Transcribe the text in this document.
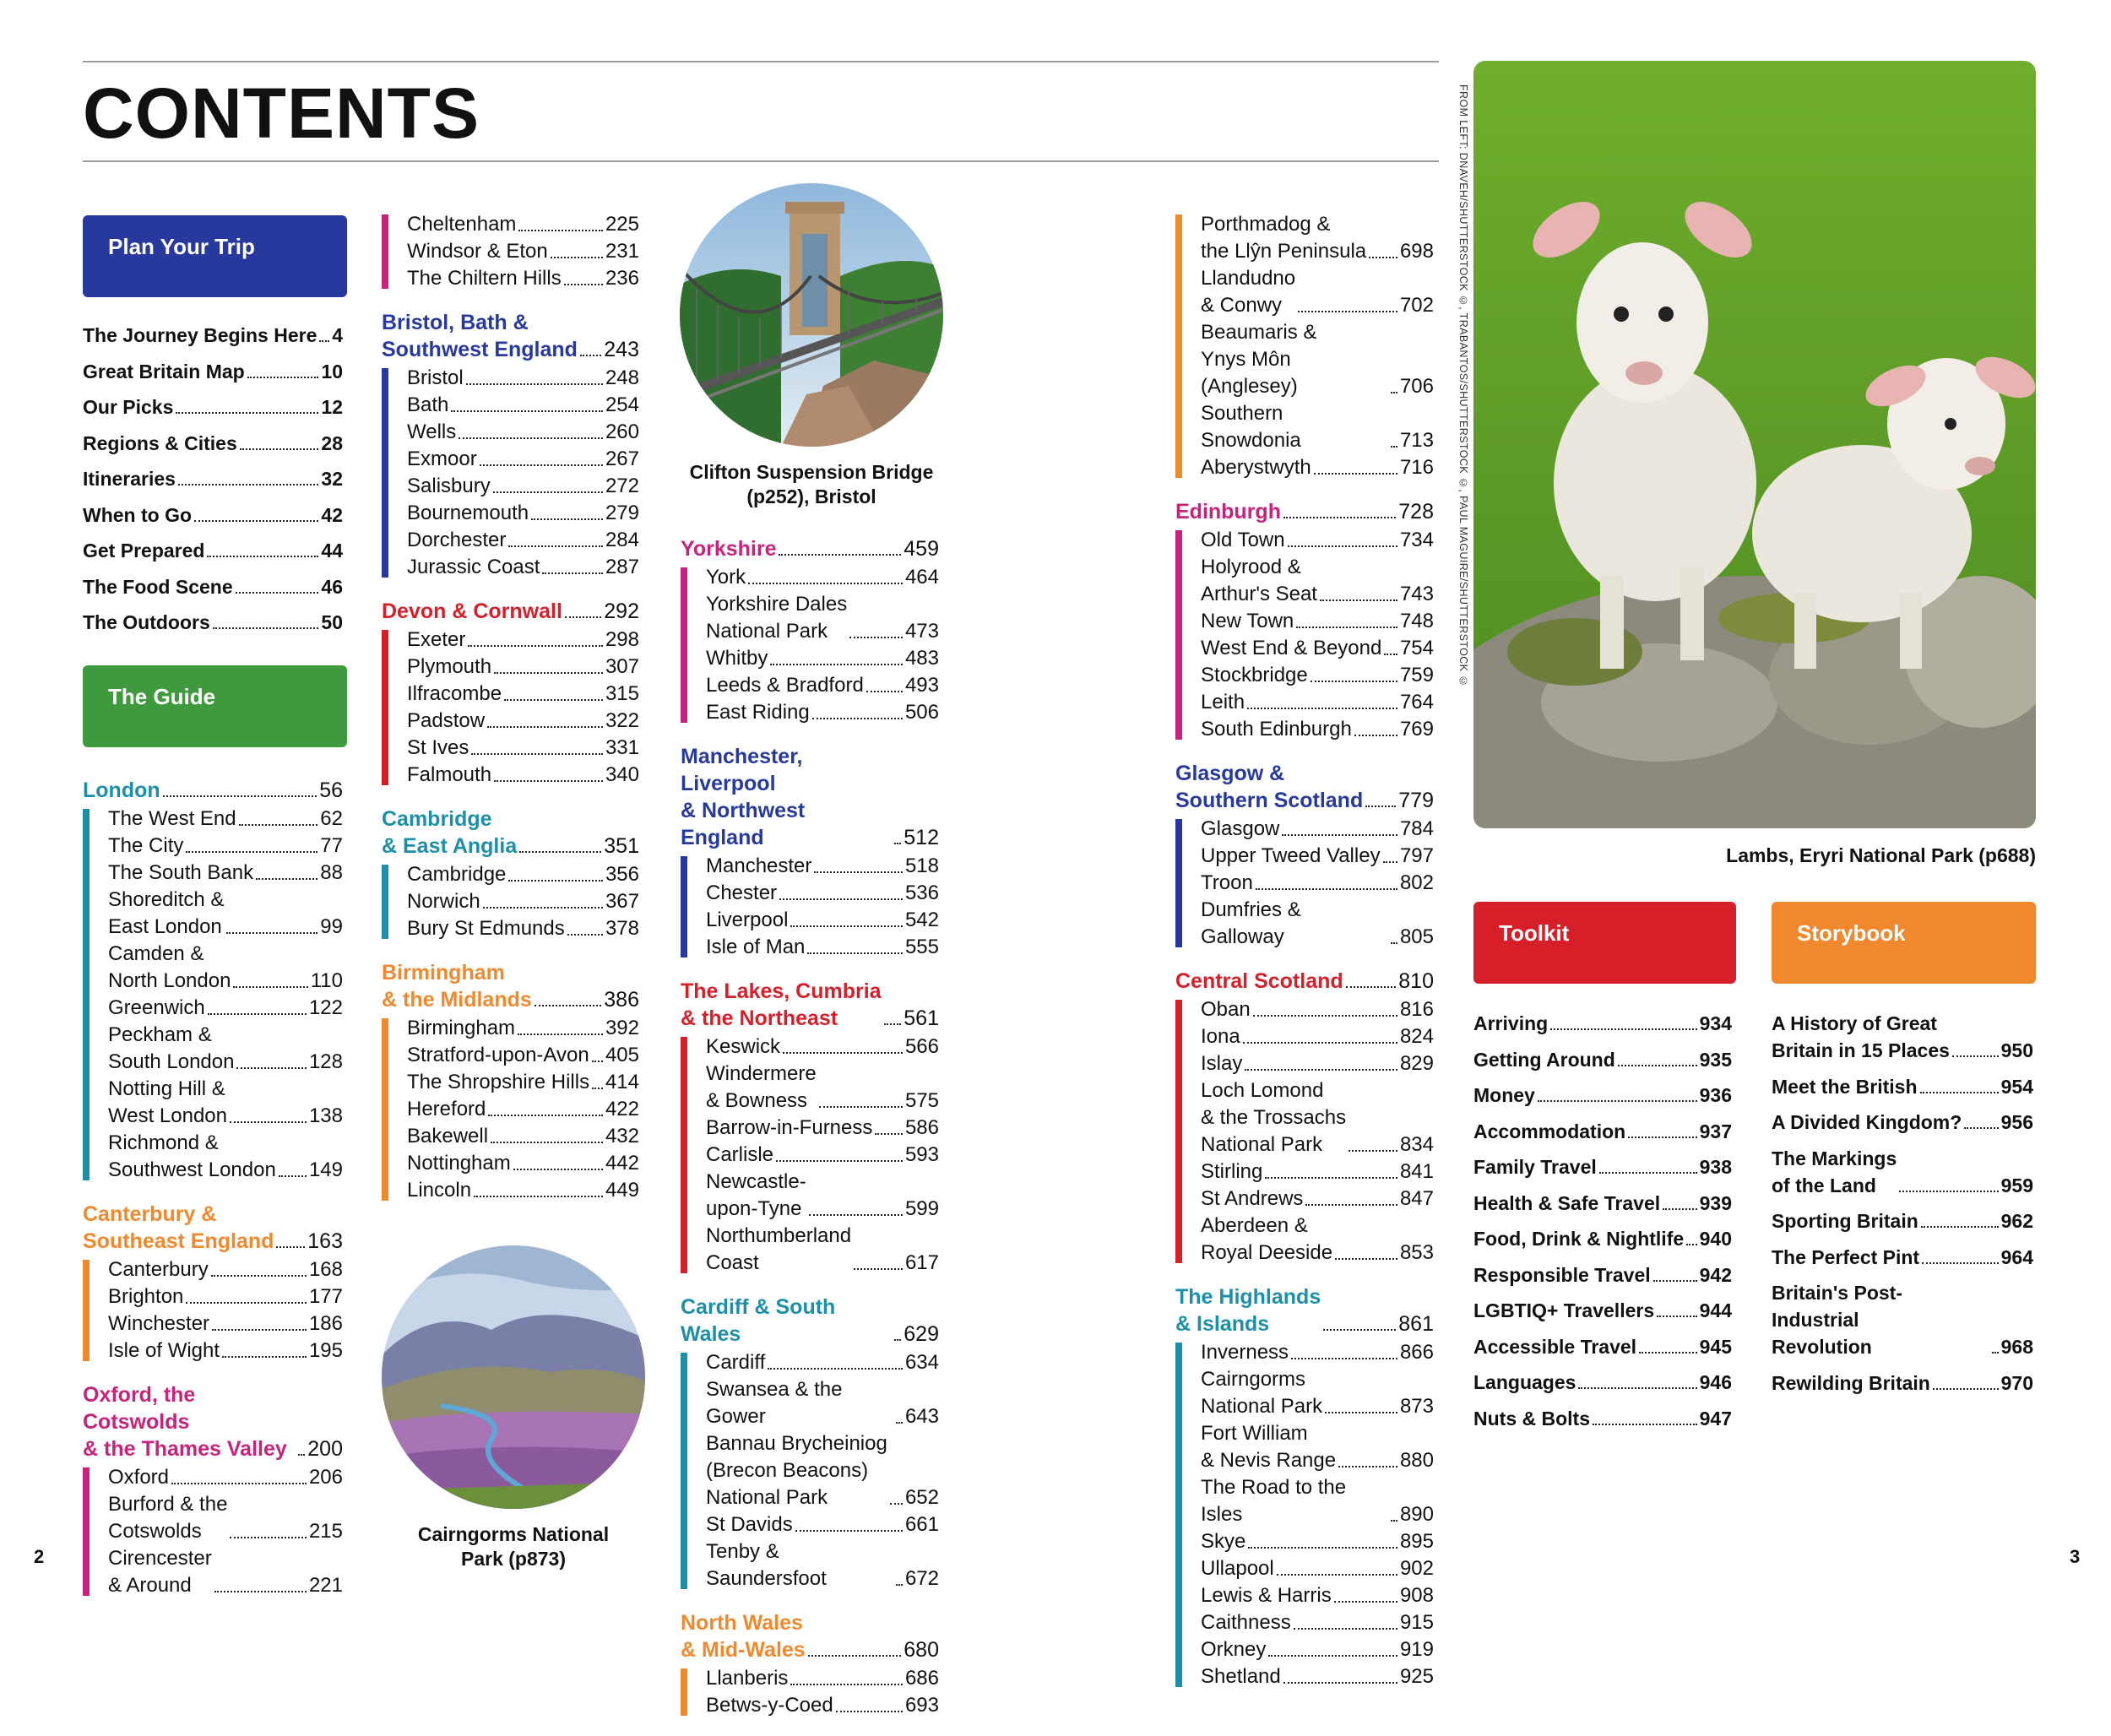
CONTENTS
Plan Your Trip
The Journey Begins Here 4
Great Britain Map	10
Our Picks	12
Regions & Cities	28
Itineraries	32
When to Go	42
Get Prepared	44
The Food Scene	46
The Outdoors	50
The Guide
London	56
The West End	62
The City	77
The South Bank	88
Shoreditch &
East London	99
Camden &
North London	110
Greenwich	122
Peckham &
South London	128
Notting Hill &
West London	138
Richmond &
Southwest London 149
Canterbury &
Southeast England 163
Canterbury	168
Brighton	177
Winchester	186
Isle of Wight	195
Oxford, the Cotswolds
& the Thames Valley 200
Oxford	206
Burford & the
Cotswolds	215
Cirencester
& Around	221
Cheltenham	225
Windsor & Eton	231
The Chiltern Hills 236
Bristol, Bath &
Southwest England 243
Bristol	248
Bath	254
Wells	260
Exmoor	267
Salisbury	272
Bournemouth	279
Dorchester	284
Jurassic Coast	287
Devon & Cornwall 292
Exeter	298
Plymouth	307
Ilfracombe	315
Padstow	322
St Ives	331
Falmouth	340
Cambridge
& East Anglia	351
Cambridge	356
Norwich	367
Bury St Edmunds 378
Birmingham
& the Midlands	386
Birmingham	392
Stratford-upon-Avon 405
The Shropshire Hills 414
Hereford	422
Bakewell	432
Nottingham	442
Lincoln	449
Yorkshire	459
York	464
Yorkshire Dales
National Park	473
Whitby	483
Leeds & Bradford 493
East Riding	506
Manchester, Liverpool
& Northwest England	512
Manchester	518
Chester	536
Liverpool	542
Isle of Man	555
The Lakes, Cumbria
& the Northeast	561
Keswick	566
Windermere
& Bowness	575
Barrow-in-Furness 586
Carlisle	593
Newcastle-
upon-Tyne	599
Northumberland
Coast	617
Cardiff & South Wales	629
Cardiff	634
Swansea & the Gower	643
Bannau Brycheiniog
(Brecon Beacons)
National Park	652
St Davids	661
Tenby & Saundersfoot	672
North Wales
& Mid-Wales	680
Llanberis	686
Betws-y-Coed	693
Porthmadog &
the Llŷn Peninsula 698
Llandudno
& Conwy	702
Beaumaris &
Ynys Môn (Anglesey)	706
Southern Snowdonia	713
Aberystwyth	716
Edinburgh	728
Old Town	734
Holyrood &
Arthur's Seat	743
New Town	748
West End & Beyond 754
Stockbridge	759
Leith	764
South Edinburgh 769
Glasgow &
Southern Scotland 779
Glasgow	784
Upper Tweed Valley 797
Troon	802
Dumfries & Galloway	805
Central Scotland	810
Oban	816
Iona	824
Islay	829
Loch Lomond
& the Trossachs
National Park	834
Stirling	841
St Andrews	847
Aberdeen &
Royal Deeside	853
The Highlands
& Islands	861
Inverness	866
Cairngorms
National Park	873
Fort William
& Nevis Range	880
The Road to the Isles	890
Skye	895
Ullapool	902
Lewis & Harris	908
Caithness	915
Orkney	919
Shetland	925
Clifton Suspension Bridge
(p252), Bristol
Cairngorms National
Park (p873)
FROM LEFT: DNAVEH/SHUTTERSTOCK ©, TRABANTOS/SHUTTERSTOCK ©, PAUL MAGUIRE/SHUTTERSTOCK ©
Lambs, Eryri National Park (p688)
Toolkit
Arriving	934
Getting Around	935
Money	936
Accommodation	937
Family Travel	938
Health & Safe Travel 939
Food, Drink & Nightlife 940
Responsible Travel	942
LGBTIQ+ Travellers 944
Accessible Travel	945
Languages	946
Nuts & Bolts	947
Storybook
A History of Great
Britain in 15 Places	950
Meet the British	954
A Divided Kingdom? 956
The Markings
of the Land	959
Sporting Britain	962
The Perfect Pint	964
Britain's Post-Industrial
Revolution	968
Rewilding Britain	970
2	3
